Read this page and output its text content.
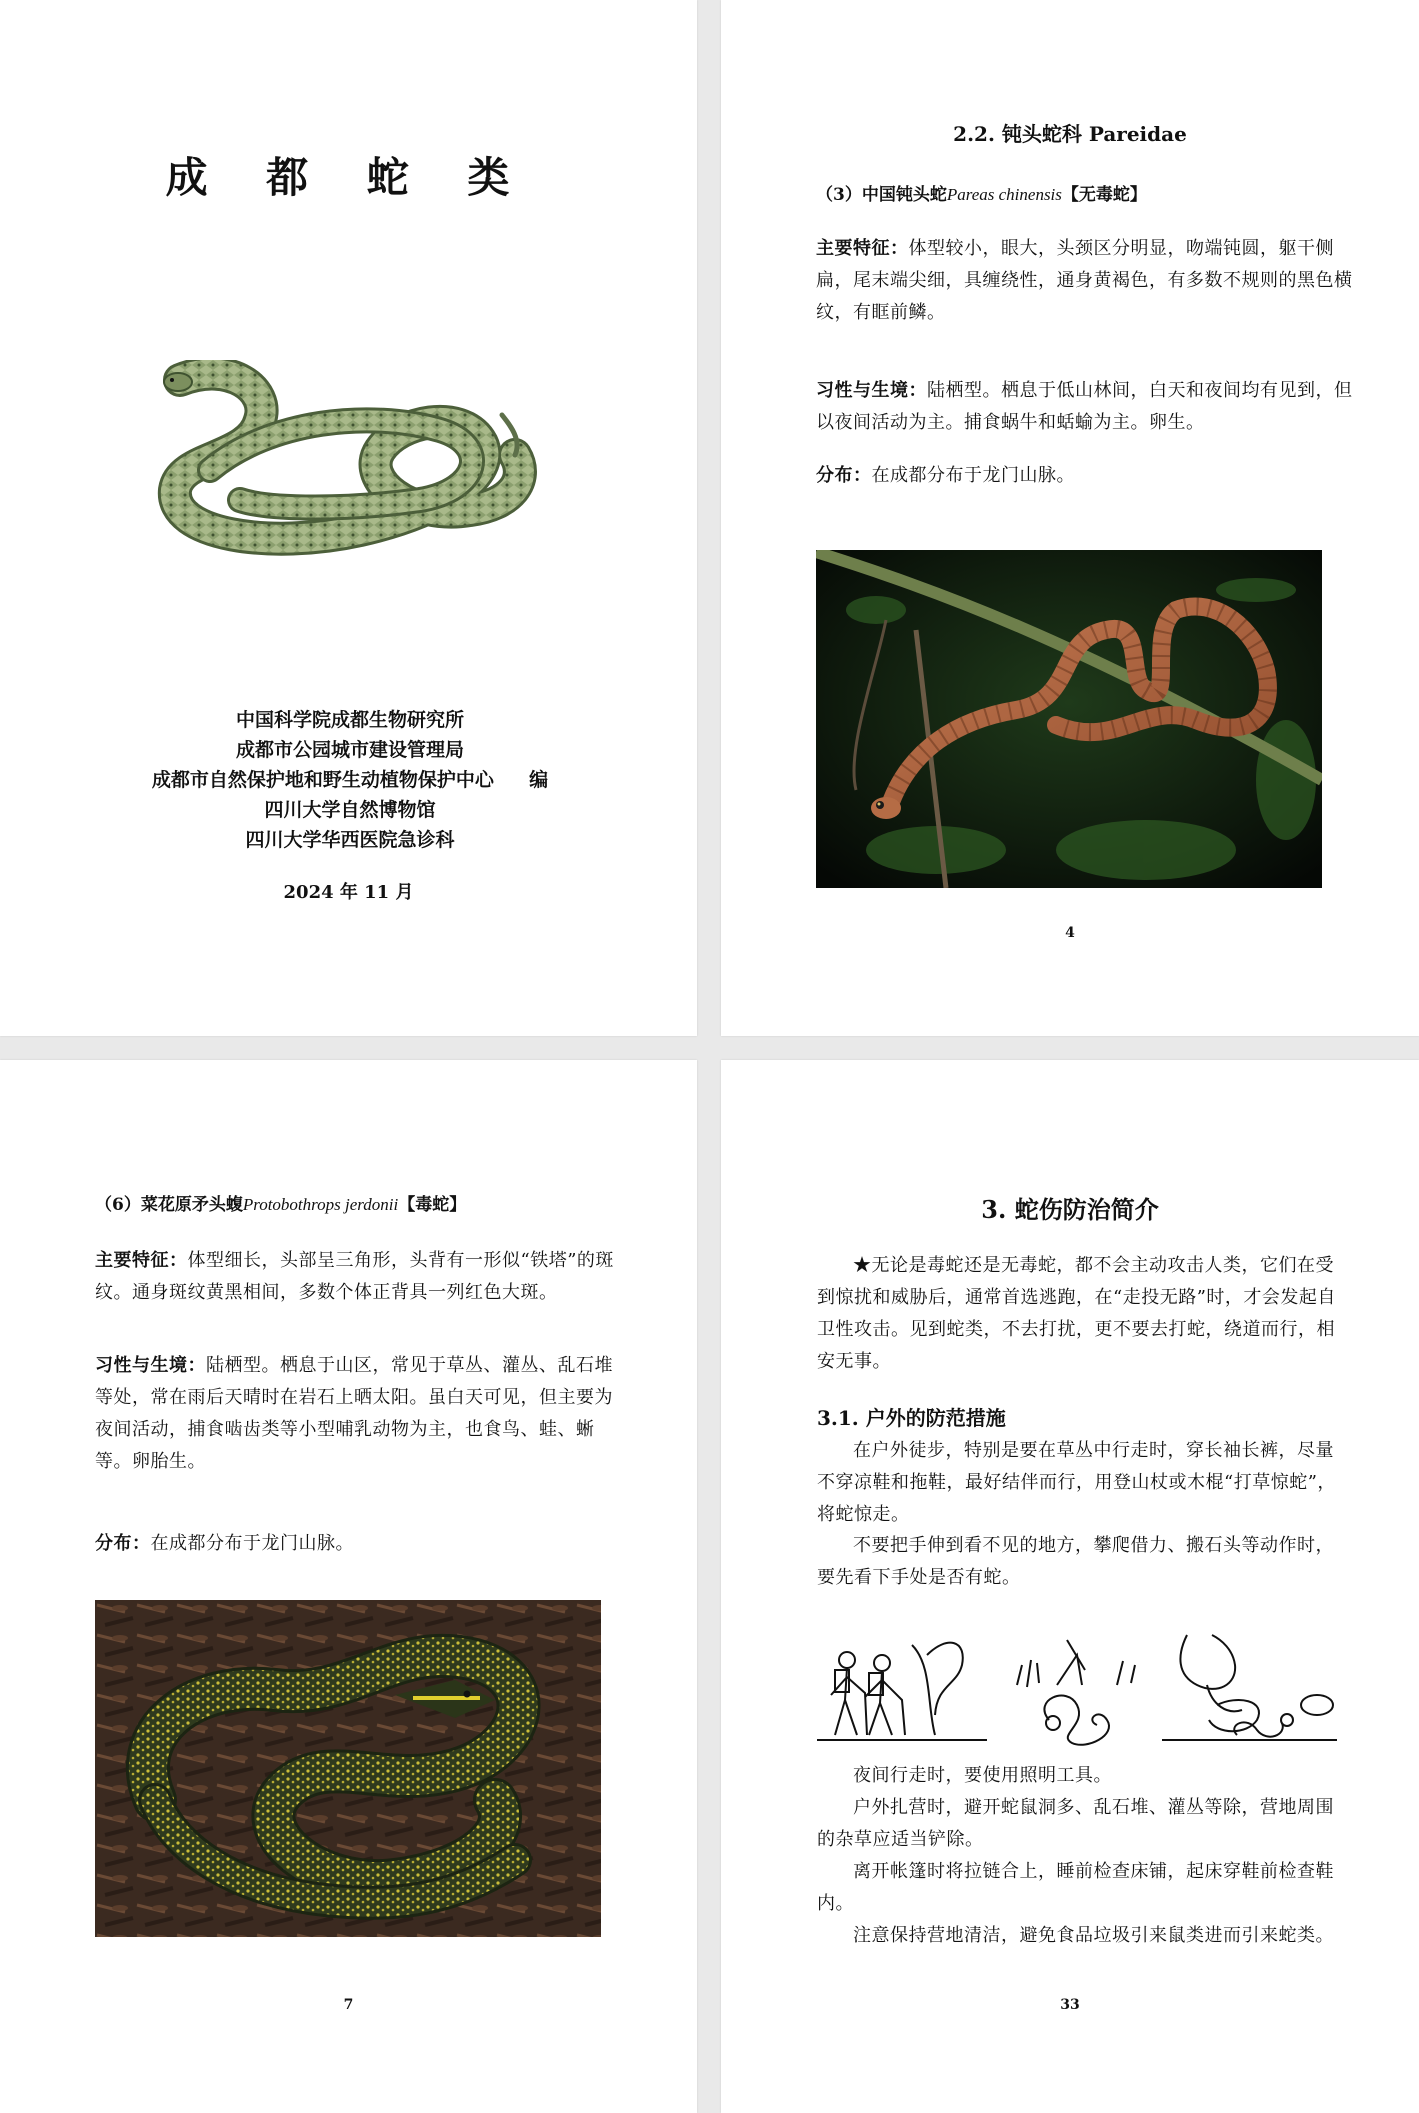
成 都 蛇 类
中国科学院成都生物研究所
成都市公园城市建设管理局
成都市自然保护地和野生动植物保护中心 编
四川大学自然博物馆
四川大学华西医院急诊科
2024 年 11 月
2.2. 钝头蛇科 Pareidae
（3）中国钝头蛇Pareas chinensis【无毒蛇】
主要特征：体型较小，眼大，头颈区分明显，吻端钝圆，躯干侧扁，尾末端尖细，具缠绕性，通身黄褐色，有多数不规则的黑色横纹，有眶前鳞。
习性与生境：陆栖型。栖息于低山林间，白天和夜间均有见到，但以夜间活动为主。捕食蜗牛和蛞蝓为主。卵生。
分布：在成都分布于龙门山脉。
4
（6）菜花原矛头蝮Protobothrops jerdonii【毒蛇】
主要特征：体型细长，头部呈三角形，头背有一形似“铁塔”的斑纹。通身斑纹黄黑相间，多数个体正背具一列红色大斑。
习性与生境：陆栖型。栖息于山区，常见于草丛、灌丛、乱石堆等处，常在雨后天晴时在岩石上晒太阳。虽白天可见，但主要为夜间活动，捕食啮齿类等小型哺乳动物为主，也食鸟、蛙、蜥等。卵胎生。
分布：在成都分布于龙门山脉。
7
3. 蛇伤防治简介
★无论是毒蛇还是无毒蛇，都不会主动攻击人类，它们在受到惊扰和威胁后，通常首选逃跑，在“走投无路”时，才会发起自卫性攻击。见到蛇类，不去打扰，更不要去打蛇，绕道而行，相安无事。
3.1. 户外的防范措施
在户外徒步，特别是要在草丛中行走时，穿长袖长裤，尽量不穿凉鞋和拖鞋，最好结伴而行，用登山杖或木棍“打草惊蛇”，将蛇惊走。
不要把手伸到看不见的地方，攀爬借力、搬石头等动作时，要先看下手处是否有蛇。
夜间行走时，要使用照明工具。
户外扎营时，避开蛇鼠洞多、乱石堆、灌丛等除，营地周围的杂草应适当铲除。
离开帐篷时将拉链合上，睡前检查床铺，起床穿鞋前检查鞋内。
注意保持营地清洁，避免食品垃圾引来鼠类进而引来蛇类。
33
